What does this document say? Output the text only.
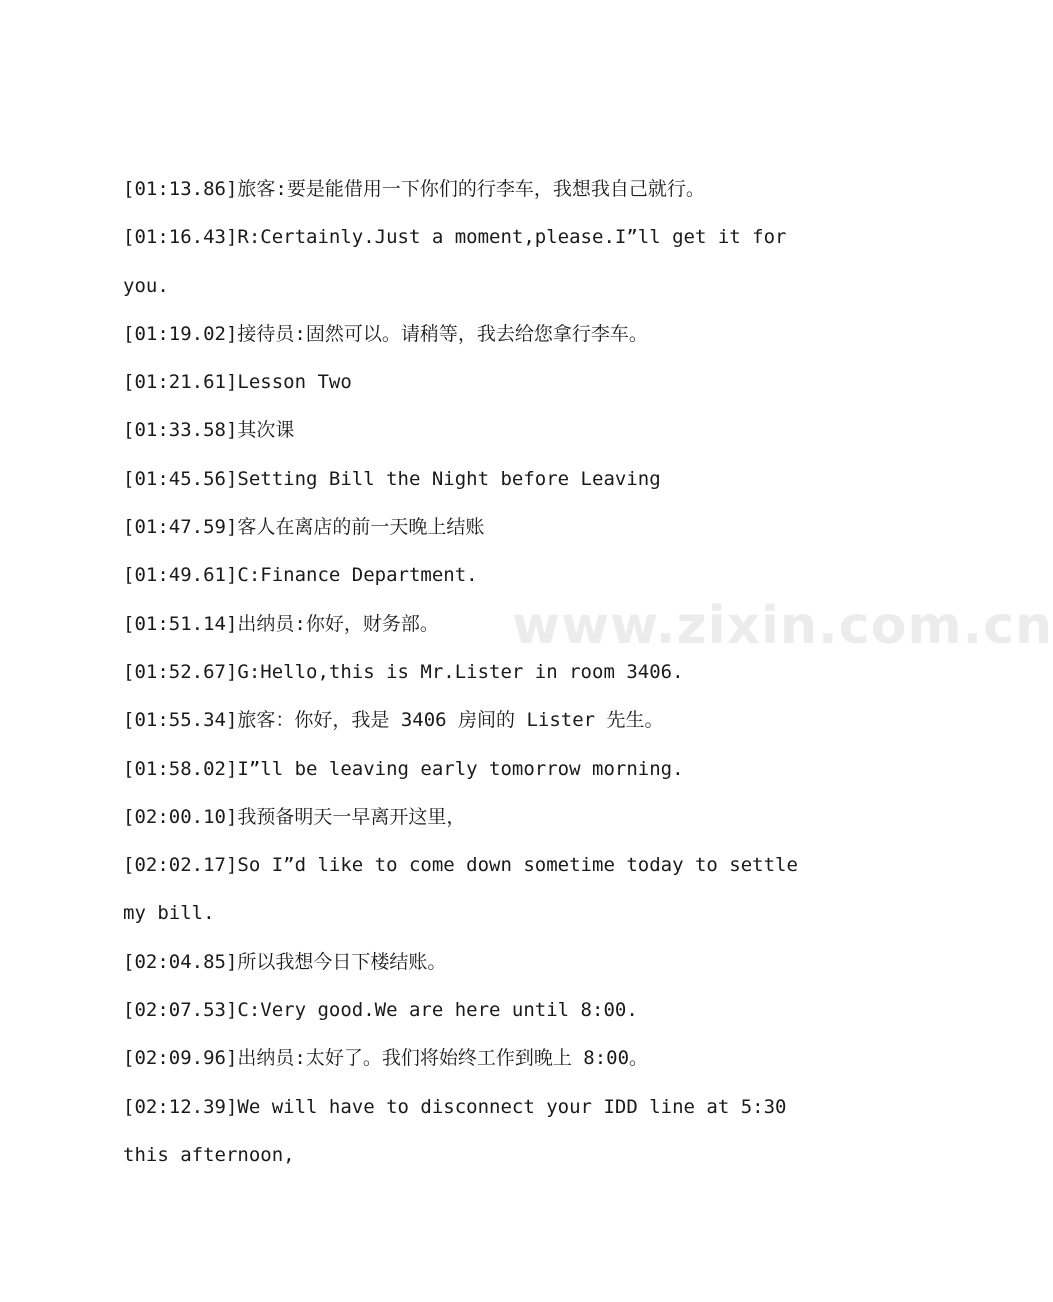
[01:13.86]旅客:要是能借用一下你们的行李车，我想我自己就行。
[01:16.43]R:Certainly.Just a moment,please.I”ll get it for you.
[01:19.02]接待员:固然可以。请稍等，我去给您拿行李车。
[01:21.61]Lesson Two
[01:33.58]其次课
[01:45.56]Setting Bill the Night before Leaving
[01:47.59]客人在离店的前一天晚上结账
[01:49.61]C:Finance Department.
[01:51.14]出纳员:你好，财务部。
[01:52.67]G:Hello,this is Mr.Lister in room 3406.
[01:55.34]旅客：你好，我是 3406 房间的 Lister 先生。
[01:58.02]I”ll be leaving early tomorrow morning.
[02:00.10]我预备明天一早离开这里，
[02:02.17]So I”d like to come down sometime today to settle my bill.
[02:04.85]所以我想今日下楼结账。
[02:07.53]C:Very good.We are here until 8:00.
[02:09.96]出纳员:太好了。我们将始终工作到晚上 8:00。
[02:12.39]We will have to disconnect your IDD line at 5:30 this afternoon,
www.zixin.com.cn
